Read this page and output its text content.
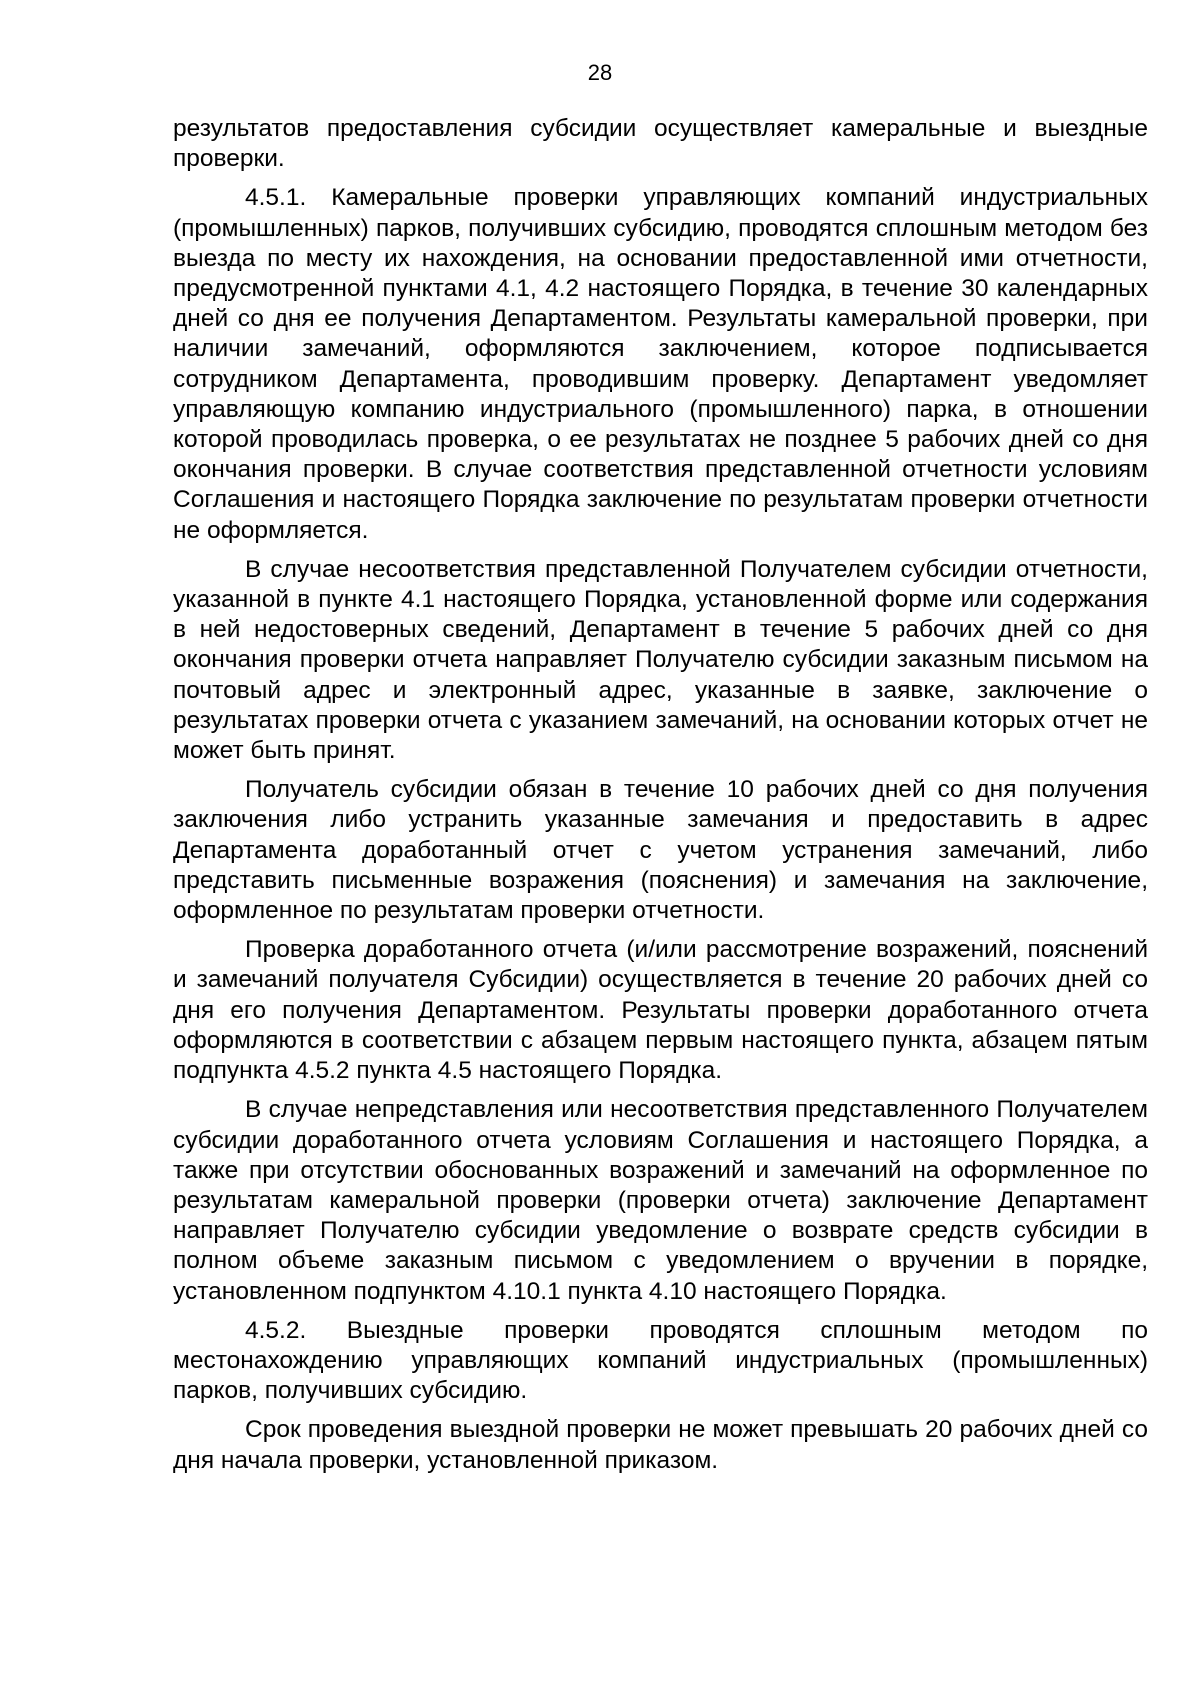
28

результатов предоставления субсидии осуществляет камеральные и выездные проверки.

4.5.1. Камеральные проверки управляющих компаний индустриальных (промышленных) парков, получивших субсидию, проводятся сплошным методом без выезда по месту их нахождения, на основании предоставленной ими отчетности, предусмотренной пунктами 4.1, 4.2 настоящего Порядка, в течение 30 календарных дней со дня ее получения Департаментом. Результаты камеральной проверки, при наличии замечаний, оформляются заключением, которое подписывается сотрудником Департамента, проводившим проверку. Департамент уведомляет управляющую компанию индустриального (промышленного) парка, в отношении которой проводилась проверка, о ее результатах не позднее 5 рабочих дней со дня окончания проверки. В случае соответствия представленной отчетности условиям Соглашения и настоящего Порядка заключение по результатам проверки отчетности не оформляется.

В случае несоответствия представленной Получателем субсидии отчетности, указанной в пункте 4.1 настоящего Порядка, установленной форме или содержания в ней недостоверных сведений, Департамент в течение 5 рабочих дней со дня окончания проверки отчета направляет Получателю субсидии заказным письмом на почтовый адрес и электронный адрес, указанные в заявке, заключение о результатах проверки отчета с указанием замечаний, на основании которых отчет не может быть принят.

Получатель субсидии обязан в течение 10 рабочих дней со дня получения заключения либо устранить указанные замечания и предоставить в адрес Департамента доработанный отчет с учетом устранения замечаний, либо представить письменные возражения (пояснения) и замечания на заключение, оформленное по результатам проверки отчетности.

Проверка доработанного отчета (и/или рассмотрение возражений, пояснений и замечаний получателя Субсидии) осуществляется в течение 20 рабочих дней со дня его получения Департаментом. Результаты проверки доработанного отчета оформляются в соответствии с абзацем первым настоящего пункта, абзацем пятым подпункта 4.5.2 пункта 4.5 настоящего Порядка.

В случае непредставления или несоответствия представленного Получателем субсидии доработанного отчета условиям Соглашения и настоящего Порядка, а также при отсутствии обоснованных возражений и замечаний на оформленное по результатам камеральной проверки (проверки отчета) заключение Департамент направляет Получателю субсидии уведомление о возврате средств субсидии в полном объеме заказным письмом с уведомлением о вручении в порядке, установленном подпунктом 4.10.1 пункта 4.10 настоящего Порядка.

4.5.2. Выездные проверки проводятся сплошным методом по местонахождению управляющих компаний индустриальных (промышленных) парков, получивших субсидию.

Срок проведения выездной проверки не может превышать 20 рабочих дней со дня начала проверки, установленной приказом.
